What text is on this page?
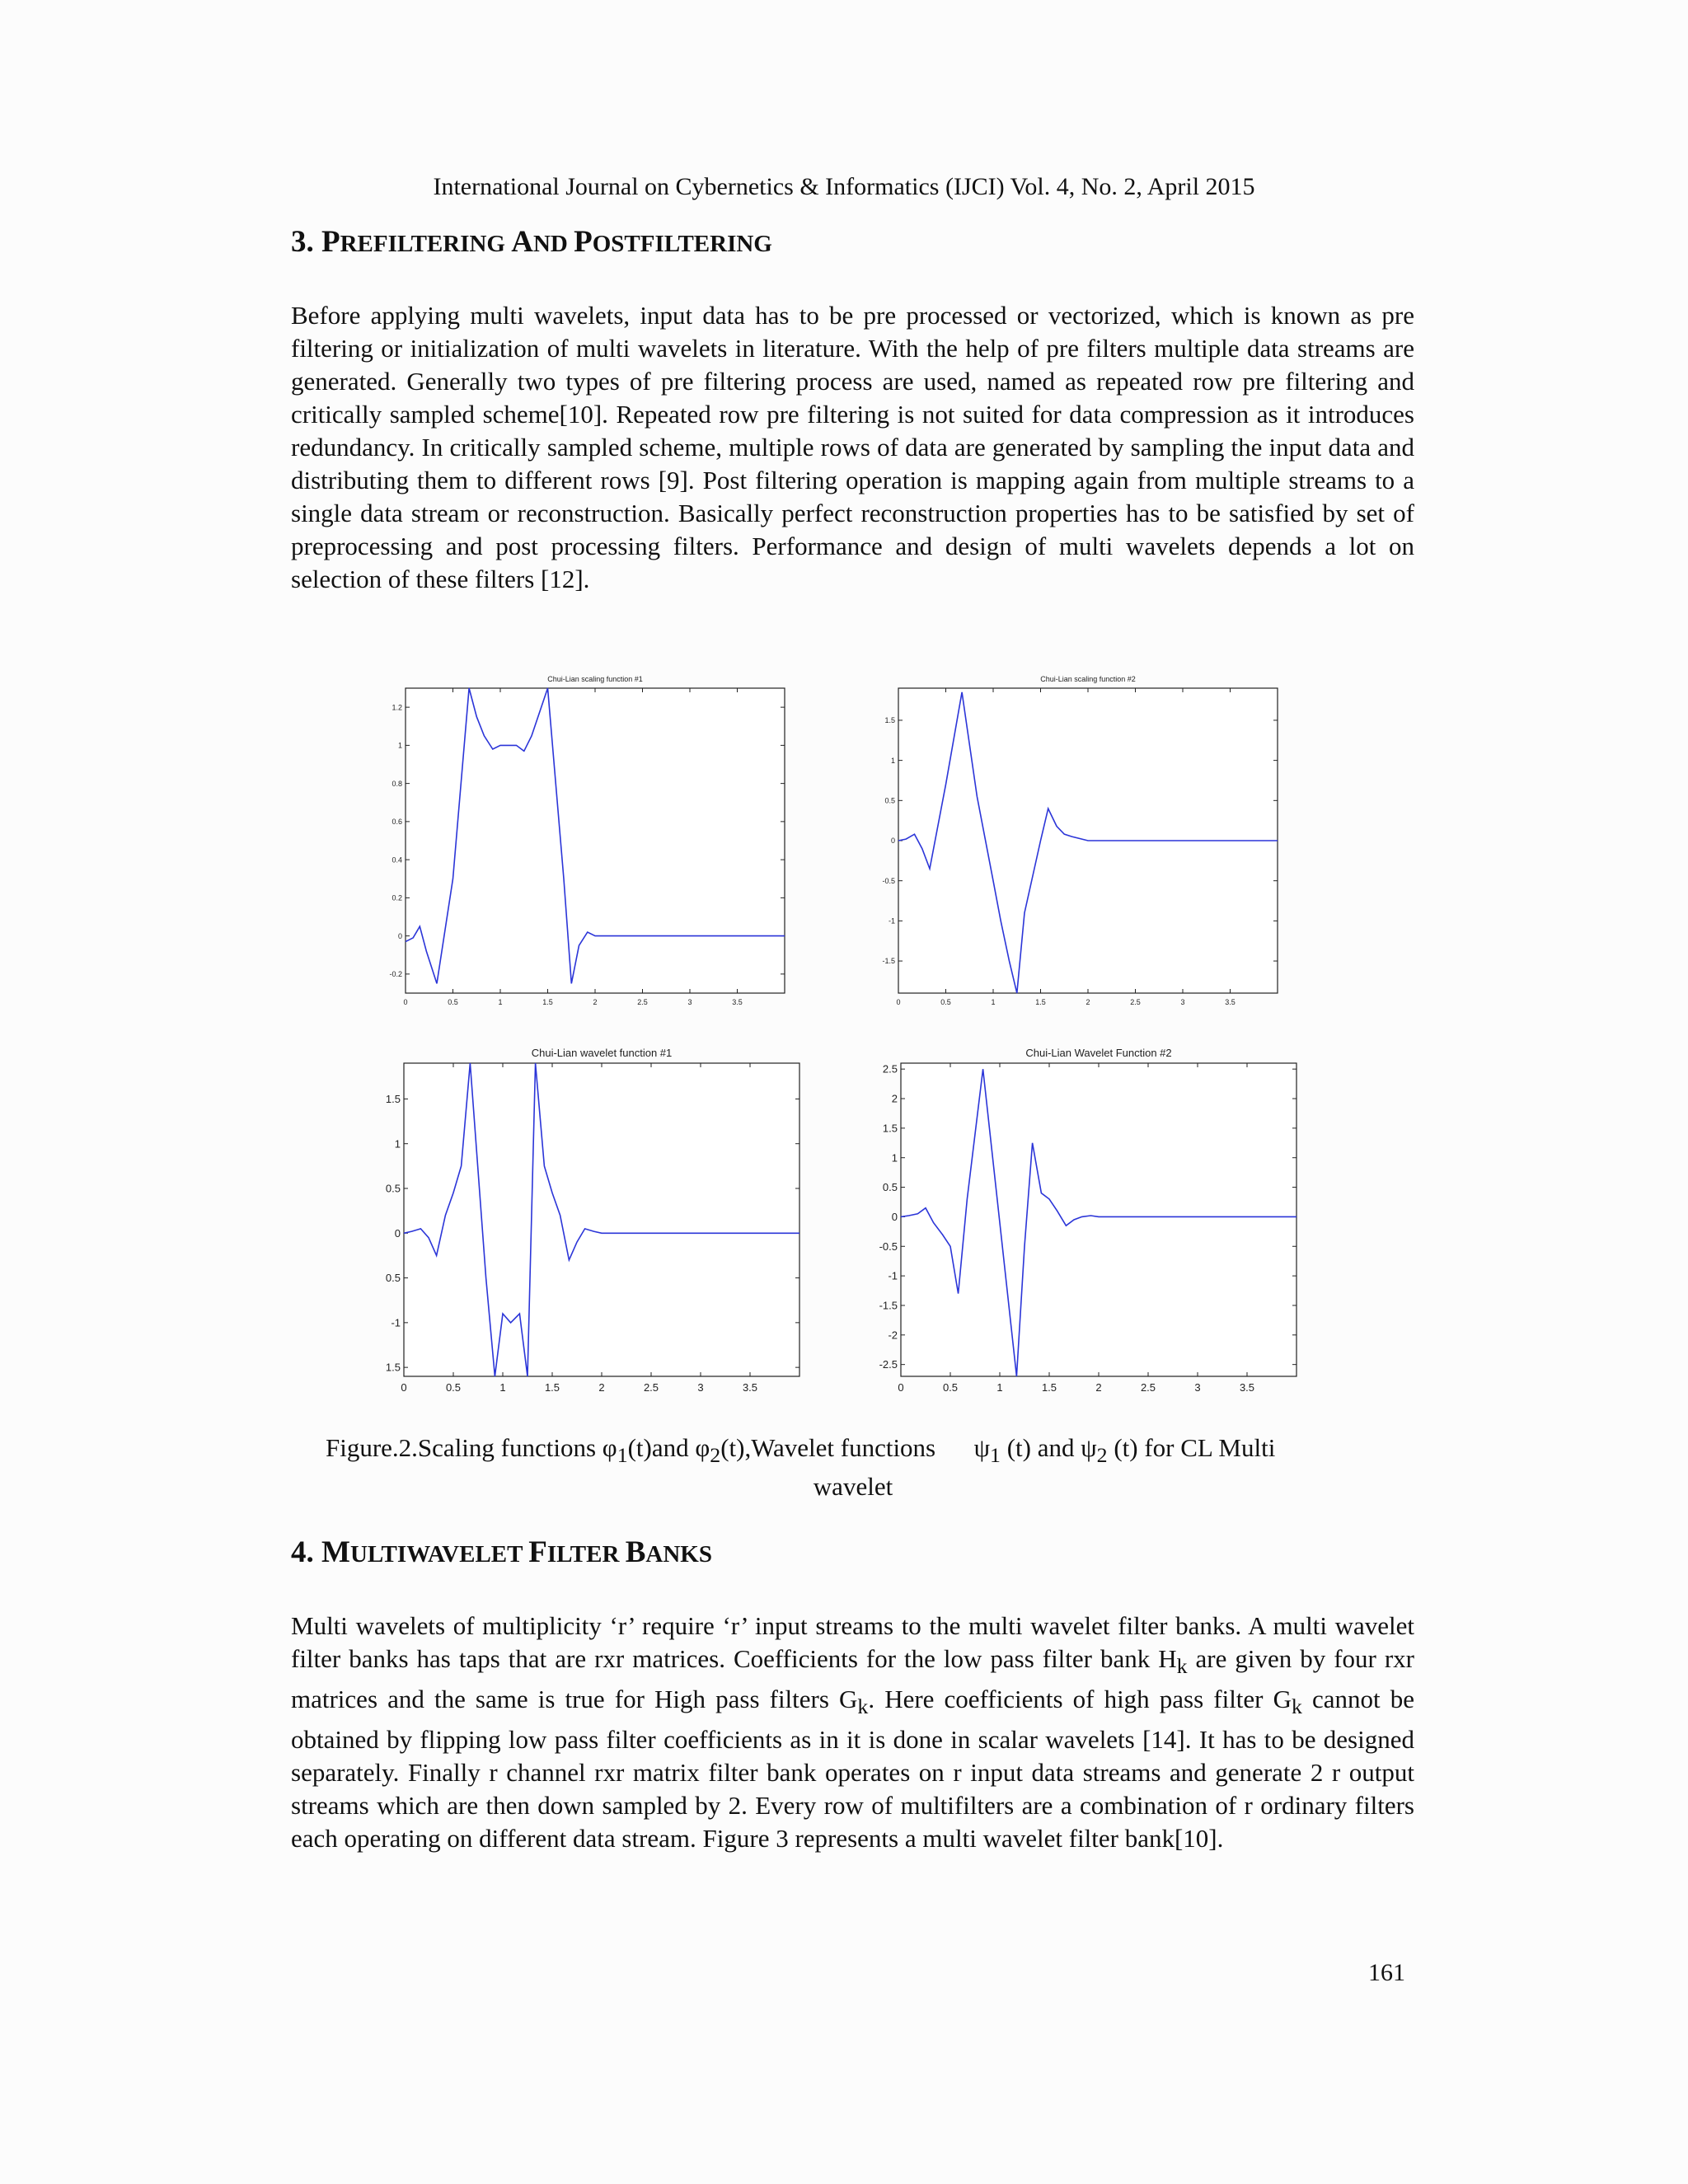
International Journal on Cybernetics & Informatics (IJCI) Vol. 4, No. 2, April 2015
3. PREFILTERING AND POSTFILTERING

Before applying multi wavelets, input data has to be pre processed or vectorized, which is known as pre filtering or initialization of multi wavelets in literature. With the help of pre filters multiple data streams are generated. Generally two types of pre filtering process are used, named as repeated row pre filtering and critically sampled scheme[10]. Repeated row pre filtering is not suited for data compression as it introduces redundancy. In critically sampled scheme, multiple rows of data are generated by sampling the input data and distributing them to different rows [9]. Post filtering operation is mapping again from multiple streams to a single data stream or reconstruction. Basically perfect reconstruction properties has to be satisfied by set of preprocessing and post processing filters. Performance and design of multi wavelets depends a lot on selection of these filters [12].

Chui-Lian scaling function #1
0	0.5	1	1.5	2	2.5	3	3.5
-0.2
0
0.2
0.4
0.6
0.8
1
1.2
Chui-Lian scaling function #2
0	0.5	1	1.5	2	2.5	3	3.5
-1.5
-1
-0.5
0
0.5
1
1.5
Chui-Lian wavelet function #1
0	0.5	1	1.5	2	2.5	3	3.5
1.5
1
0.5
0
0.5
-1
1.5
Chui-Lian Wavelet Function #2
0	0.5	1	1.5	2	2.5	3	3.5
2.5
2
1.5
1
0.5
0
-0.5
-1
-1.5
-2
-2.5
Figure.2.Scaling functions $\varphi_1(t)and$ $\varphi_2(t),Wavelet$ functions      $\psi_1$ (t) and $\psi_2$ (t) for CL Multi
wavelet
4. MULTIWAVELET FILTER BANKS

Multi wavelets of multiplicity ‘r’ require ‘r’ input streams to the multi wavelet filter banks. A multi wavelet filter banks has taps that are rxr matrices. Coefficients for the low pass filter bank $H_k$ are given by four rxr matrices and the same is true for High pass filters $G_k$. Here coefficients of high pass filter $G_k$ cannot be obtained by flipping low pass filter coefficients as in it is done in scalar wavelets [14]. It has to be designed separately. Finally r channel rxr matrix filter bank operates on r input data streams and generate 2 r output streams which are then down sampled by 2. Every row of multifilters are a combination of r ordinary filters each operating on different data stream. Figure 3 represents a multi wavelet filter bank[10].

161
